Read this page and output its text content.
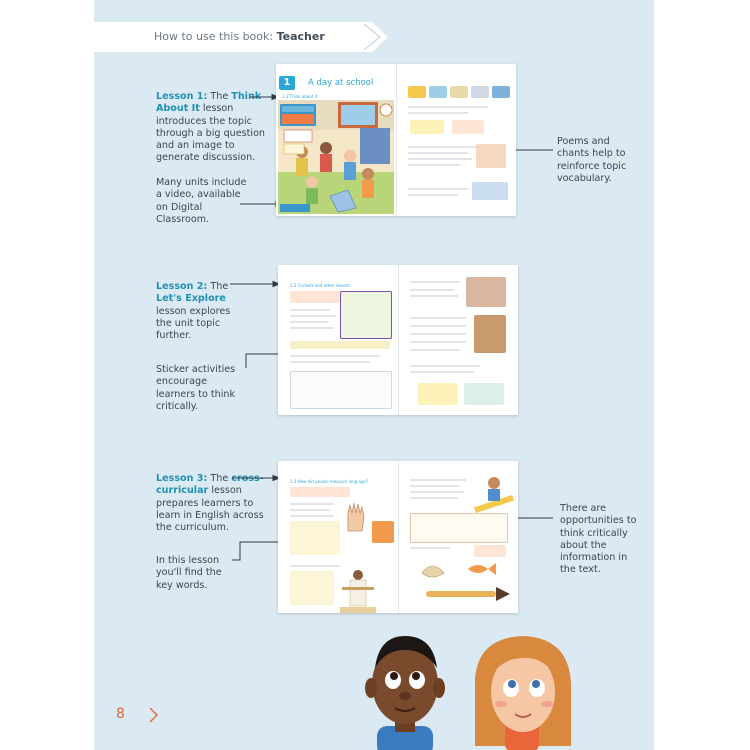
How to use this book: Teacher
Lesson 1: The Think About It lesson introduces the topic through a big question and an image to generate discussion.
Many units include a video, available on Digital Classroom.
Poems and chants help to reinforce topic vocabulary.
Lesson 2: The Let's Explore lesson explores the unit topic further.
Sticker activities encourage learners to think critically.
Lesson 3: The cross-curricular lesson prepares learners to learn in English across the curriculum.
In this lesson you'll find the key words.
There are opportunities to think critically about the information in the text.
1	A day at school
1.1 Think about it
1.2 Crickets and other insects
1.3 How did people measure long ago?
8
